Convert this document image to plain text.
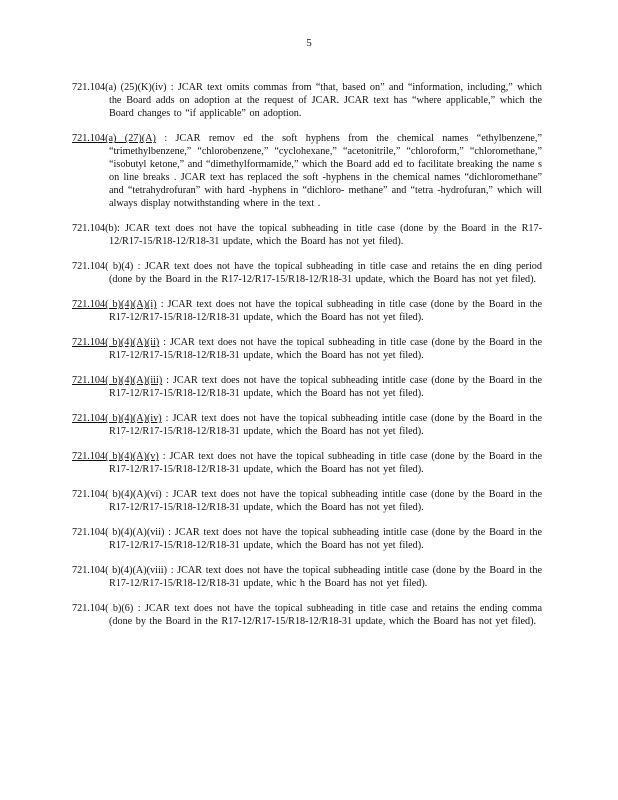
5

721.104(a) (25)(K)(iv) : JCAR text omits commas from “that, based on” and “information, including,” which the Board adds on adoption at the request of JCAR. JCAR text has “where applicable,” which the Board changes to “if applicable” on adoption.

721.104(a) (27)(A) : JCAR remov ed the soft hyphens from the chemical names “ethylbenzene,” “trimethylbenzene,” “chlorobenzene,” “cyclohexane,” “acetonitrile,” “chloroform,” “chloromethane,” “isobutyl ketone,” and “dimethylformamide,” which the Board add ed to facilitate breaking the name s on line breaks . JCAR text has replaced the soft -hyphens in the chemical names “dichloromethane” and “tetrahydrofuran” with hard -hyphens in “dichloro- methane” and “tetra -hydrofuran,” which will always display notwithstanding where in the text .

721.104(b): JCAR text does not have the topical subheading in title case (done by the Board in the R17-12/R17-15/R18-12/R18-31 update, which the Board has not yet filed).

721.104( b)(4) : JCAR text does not have the topical subheading in title case and retains the en ding period (done by the Board in the R17-12/R17-15/R18-12/R18-31 update, which the Board has not yet filed).

721.104( b)(4)(A)(i) : JCAR text does not have the topical subheading in title case (done by the Board in the R17-12/R17-15/R18-12/R18-31 update, which the Board has not yet filed).

721.104( b)(4)(A)(ii) : JCAR text does not have the topical subheading in title case (done by the Board in the R17-12/R17-15/R18-12/R18-31 update, which the Board has not yet filed).

721.104( b)(4)(A)(iii) : JCAR text does not have the topical subheading intitle case (done by the Board in the R17-12/R17-15/R18-12/R18-31 update, which the Board has not yet filed).

721.104( b)(4)(A)(iv) : JCAR text does not have the topical subheading intitle case (done by the Board in the R17-12/R17-15/R18-12/R18-31 update, which the Board has not yet filed).

721.104( b)(4)(A)(v) : JCAR text does not have the topical subheading in title case (done by the Board in the R17-12/R17-15/R18-12/R18-31 update, which the Board has not yet filed).

721.104( b)(4)(A)(vi) : JCAR text does not have the topical subheading intitle case (done by the Board in the R17-12/R17-15/R18-12/R18-31 update, which the Board has not yet filed).

721.104( b)(4)(A)(vii) : JCAR text does not have the topical subheading intitle case (done by the Board in the R17-12/R17-15/R18-12/R18-31 update, which the Board has not yet filed).

721.104( b)(4)(A)(viii) : JCAR text does not have the topical subheading intitle case (done by the Board in the R17-12/R17-15/R18-12/R18-31 update, whic h the Board has not yet filed).

721.104( b)(6) : JCAR text does not have the topical subheading in title case and retains the ending comma (done by the Board in the R17-12/R17-15/R18-12/R18-31 update, which the Board has not yet filed).
